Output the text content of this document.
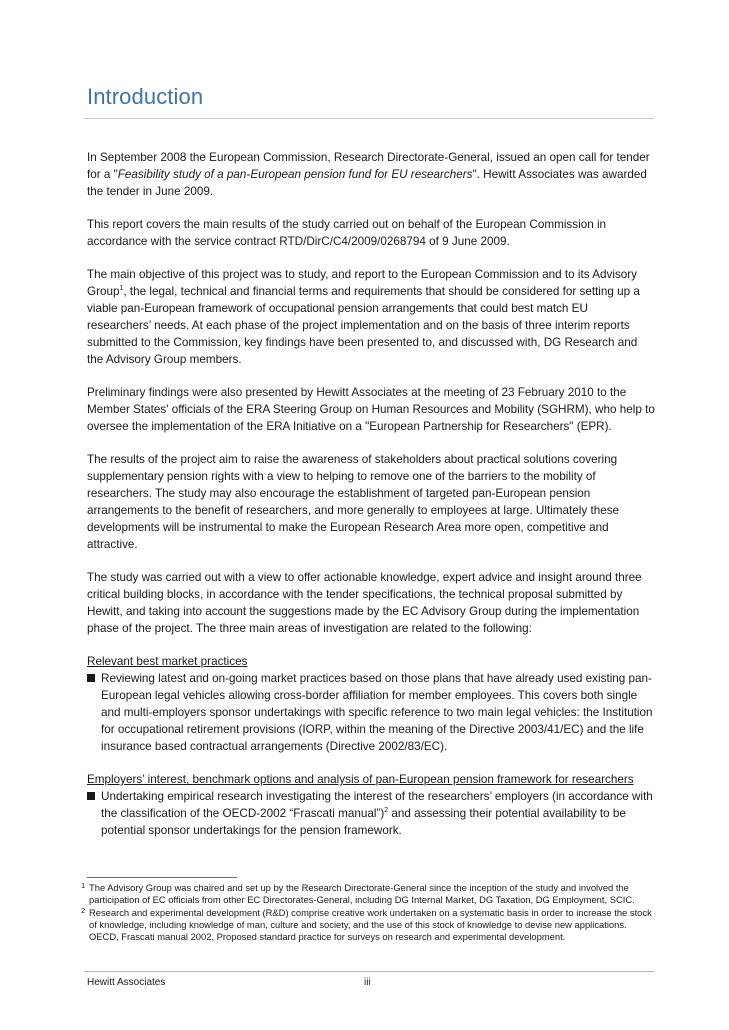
Introduction

In September 2008 the European Commission, Research Directorate-General, issued an open call for tender for a "Feasibility study of a pan-European pension fund for EU researchers". Hewitt Associates was awarded the tender in June 2009.

This report covers the main results of the study carried out on behalf of the European Commission in accordance with the service contract RTD/DirC/C4/2009/0268794 of 9 June 2009.

The main objective of this project was to study, and report to the European Commission and to its Advisory Group$^1$, the legal, technical and financial terms and requirements that should be considered for setting up a viable pan-European framework of occupational pension arrangements that could best match EU researchers’ needs. At each phase of the project implementation and on the basis of three interim reports submitted to the Commission, key findings have been presented to, and discussed with, DG Research and the Advisory Group members.

Preliminary findings were also presented by Hewitt Associates at the meeting of 23 February 2010 to the Member States' officials of the ERA Steering Group on Human Resources and Mobility (SGHRM), who help to oversee the implementation of the ERA Initiative on a "European Partnership for Researchers" (EPR).

The results of the project aim to raise the awareness of stakeholders about practical solutions covering supplementary pension rights with a view to helping to remove one of the barriers to the mobility of researchers. The study may also encourage the establishment of targeted pan-European pension arrangements to the benefit of researchers, and more generally to employees at large. Ultimately these developments will be instrumental to make the European Research Area more open, competitive and attractive.

The study was carried out with a view to offer actionable knowledge, expert advice and insight around three critical building blocks, in accordance with the tender specifications, the technical proposal submitted by Hewitt, and taking into account the suggestions made by the EC Advisory Group during the implementation phase of the project. The three main areas of investigation are related to the following:

Relevant best market practices
Reviewing latest and on-going market practices based on those plans that have already used existing pan-European legal vehicles allowing cross-border affiliation for member employees. This covers both single and multi-employers sponsor undertakings with specific reference to two main legal vehicles: the Institution for occupational retirement provisions (IORP, within the meaning of the Directive 2003/41/EC) and the life insurance based contractual arrangements (Directive 2002/83/EC).
Employers’ interest, benchmark options and analysis of pan-European pension framework for researchers
Undertaking empirical research investigating the interest of the researchers’ employers (in accordance with the classification of the OECD-2002 “Frascati manual”)$^2$ and assessing their potential availability to be potential sponsor undertakings for the pension framework.

1 The Advisory Group was chaired and set up by the Research Directorate-General since the inception of the study and involved the participation of EC officials from other EC Directorates-General, including DG Internal Market, DG Taxation, DG Employment, SCIC.

2 Research and experimental development (R&D) comprise creative work undertaken on a systematic basis in order to increase the stock of knowledge, including knowledge of man, culture and society, and the use of this stock of knowledge to devise new applications. OECD, Frascati manual 2002, Proposed standard practice for surveys on research and experimental development.

Hewitt Associates	iii
